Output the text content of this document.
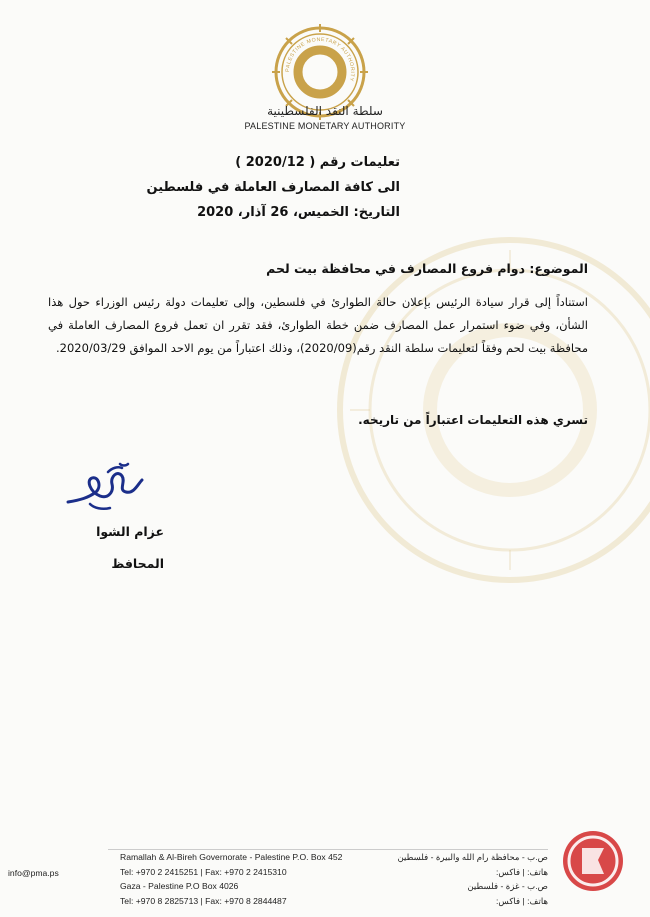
PALESTINE MONETARY AUTHORITY
سلطة النقد الفلسطينية
PALESTINE MONETARY AUTHORITY
تعليمات رقم ( 2020/12 )
الى كافة المصارف العاملة في فلسطين
التاريخ: الخميس، 26 آذار، 2020
الموضوع: دوام فروع المصارف في محافظة بيت لحم

استناداً إلى قرار سيادة الرئيس بإعلان حالة الطوارئ في فلسطين، وإلى تعليمات دولة رئيس الوزراء حول هذا الشأن، وفي ضوء استمرار عمل المصارف ضمن خطة الطوارئ، فقد تقرر ان تعمل فروع المصارف العاملة في محافظة بيت لحم وفقاً لتعليمات سلطة النقد رقم(2020/09)، وذلك اعتباراً من يوم الاحد الموافق 2020/03/29.

تسري هذه التعليمات اعتباراً من تاريخه.
عزام الشوا
المحافظ
info@pma.ps
Ramallah & Al-Bireh Governorate - Palestine P.O. Box 452	ص.ب - محافظة رام الله والبيرة - فلسطين
Tel: +970 2 2415251 | Fax: +970 2 2415310	هاتف: | فاكس:
Gaza - Palestine P.O Box 4026	ص.ب - غزة - فلسطين
Tel: +970 8 2825713 | Fax: +970 8 2844487	هاتف: | فاكس:
